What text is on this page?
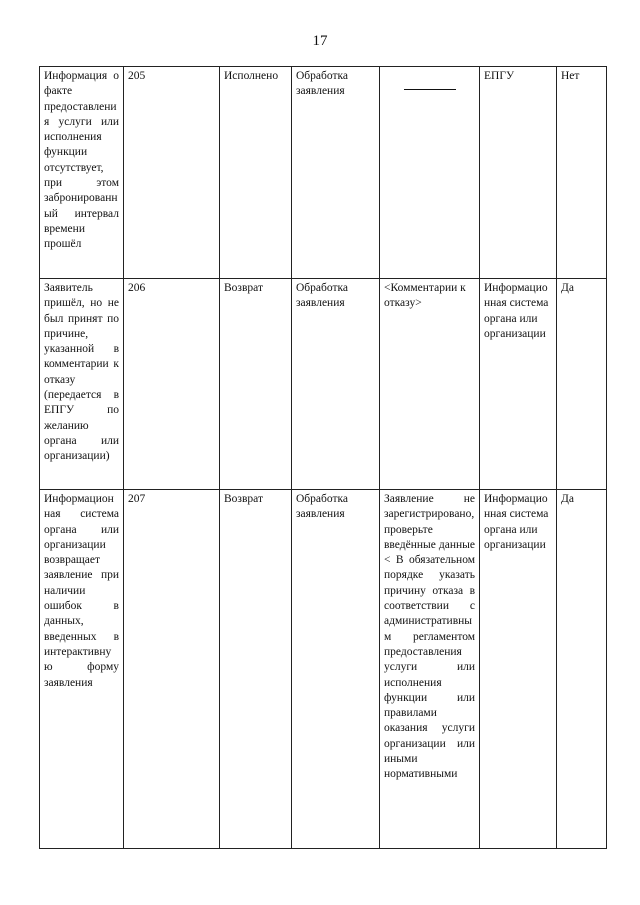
17
Информация о факте предоставления услуги или исполнения функции отсутствует, при этом забронированный интервал времени прошёл	205	Исполнено	Обработка заявления		ЕПГУ	Нет
Заявитель пришёл, но не был принят по причине, указанной в комментарии к отказу (передается в ЕПГУ по желанию органа или организации)	206	Возврат	Обработка заявления	<Комментарии к отказу>	Информационная система органа или организации	Да
Информационная система органа или организации возвращает заявление при наличии ошибок в данных, введенных в интерактивную форму заявления	207	Возврат	Обработка заявления	Заявление не зарегистрировано, проверьте введённые данные < В обязательном порядке указать причину отказа в соответствии с административным регламентом предоставления услуги или исполнения функции или правилами оказания услуги организации или иными нормативными	Информационная система органа или организации	Да
